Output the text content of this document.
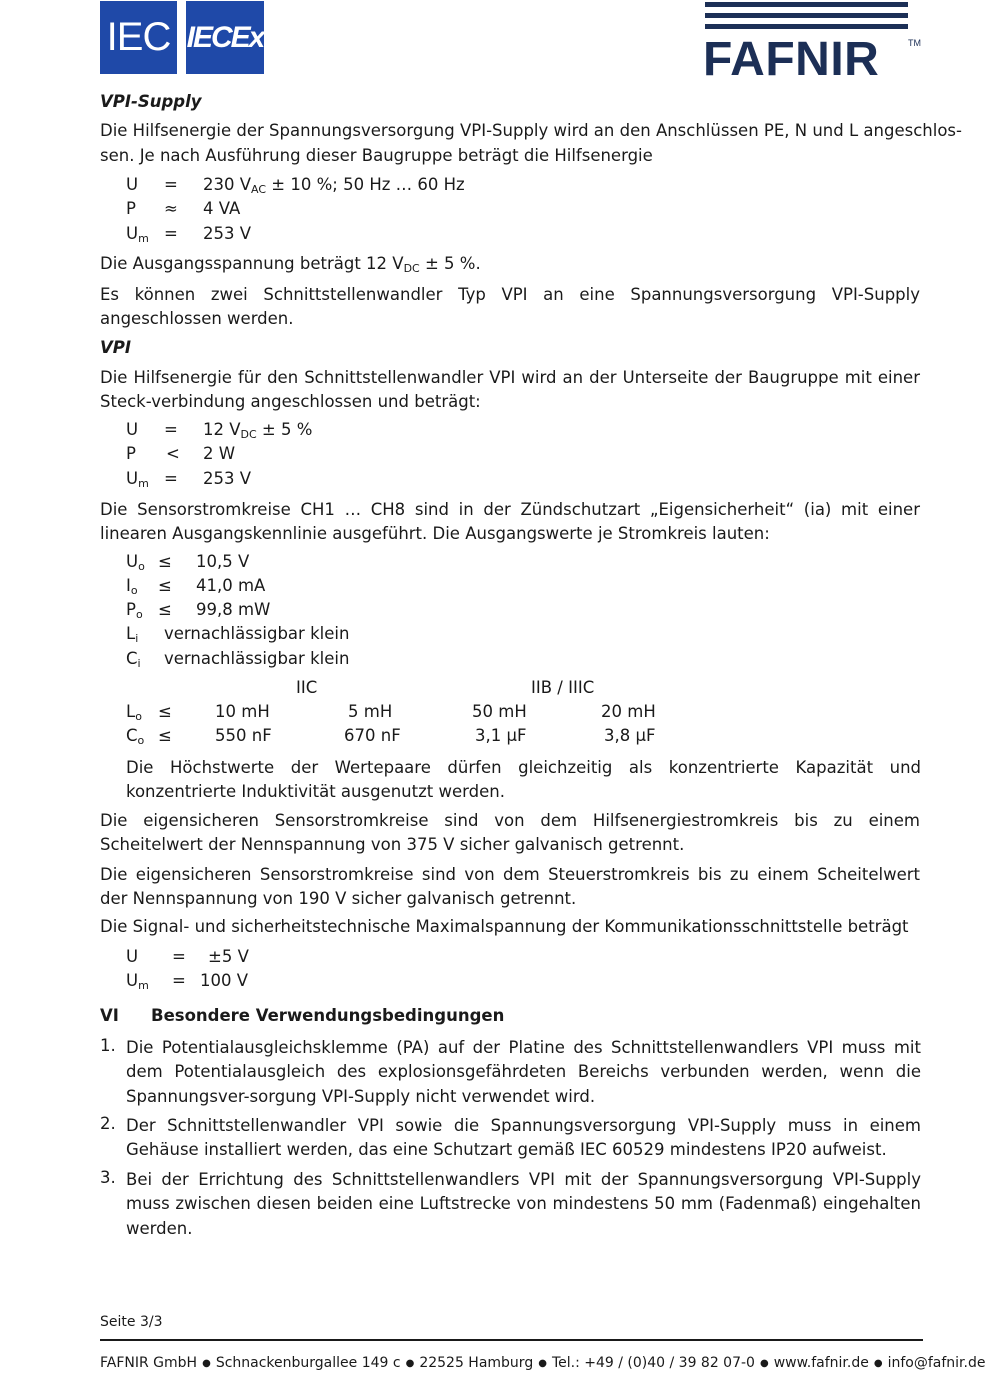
IEC IECEx	FAFNIR	TM
VPI-Supply
Die Hilfsenergie der Spannungsversorgung VPI-Supply wird an den Anschlüssen PE, N und L angeschlos-
sen. Je nach Ausführung dieser Baugruppe beträgt die Hilfsenergie
U = 230 $V_{AC} \pm 10$ %; 50 Hz … 60 Hz
P ≈ 4 VA
$U_m = 253$ V
Die Ausgangsspannung beträgt 12 $V_{DC} \pm 5$ %.
Es können zwei Schnittstellenwandler Typ VPI an eine Spannungsversorgung VPI-Supply angeschlossen werden.
VPI
Die Hilfsenergie für den Schnittstellenwandler VPI wird an der Unterseite der Baugruppe mit einer Steck-verbindung angeschlossen und beträgt:
U = 12 $V_{DC} \pm 5$ %
P < 2 W
$U_m = 253$ V
Die Sensorstromkreise CH1 … CH8 sind in der Zündschutzart „Eigensicherheit“ (ia) mit einer linearen Ausgangskennlinie ausgeführt. Die Ausgangswerte je Stromkreis lauten:
$U_o \le 10,5$ V
$I_o \le 41,0$ mA
$P_o \le 99,8$ mW
$L_i$ vernachlässigbar klein
$C_i$ vernachlässigbar klein
IIC	IIB / IIIC
$L_o$ ≤	10 mH	5 mH	50 mH	20 mH
$C_o$ ≤	550 nF	670 nF	3,1 µF	3,8 µF
Die Höchstwerte der Wertepaare dürfen gleichzeitig als konzentrierte Kapazität und konzentrierte Induktivität ausgenutzt werden.
Die eigensicheren Sensorstromkreise sind von dem Hilfsenergiestromkreis bis zu einem Scheitelwert der Nennspannung von 375 V sicher galvanisch getrennt.
Die eigensicheren Sensorstromkreise sind von dem Steuerstromkreis bis zu einem Scheitelwert der Nennspannung von 190 V sicher galvanisch getrennt.
Die Signal- und sicherheitstechnische Maximalspannung der Kommunikationsschnittstelle beträgt
U = ±5 V
$U_m = 100$ V
VI Besondere Verwendungsbedingungen
1. Die Potentialausgleichsklemme (PA) auf der Platine des Schnittstellenwandlers VPI muss mit dem Potentialausgleich des explosionsgefährdeten Bereichs verbunden werden, wenn die Spannungsver-sorgung VPI-Supply nicht verwendet wird.
2. Der Schnittstellenwandler VPI sowie die Spannungsversorgung VPI-Supply muss in einem Gehäuse installiert werden, das eine Schutzart gemäß IEC 60529 mindestens IP20 aufweist.
3. Bei der Errichtung des Schnittstellenwandlers VPI mit der Spannungsversorgung VPI-Supply muss zwischen diesen beiden eine Luftstrecke von mindestens 50 mm (Fadenmaß) eingehalten werden.
Seite 3/3
FAFNIR GmbH ● Schnackenburgallee 149 c ● 22525 Hamburg ● Tel.: +49 / (0)40 / 39 82 07-0 ● www.fafnir.de ● info@fafnir.de
